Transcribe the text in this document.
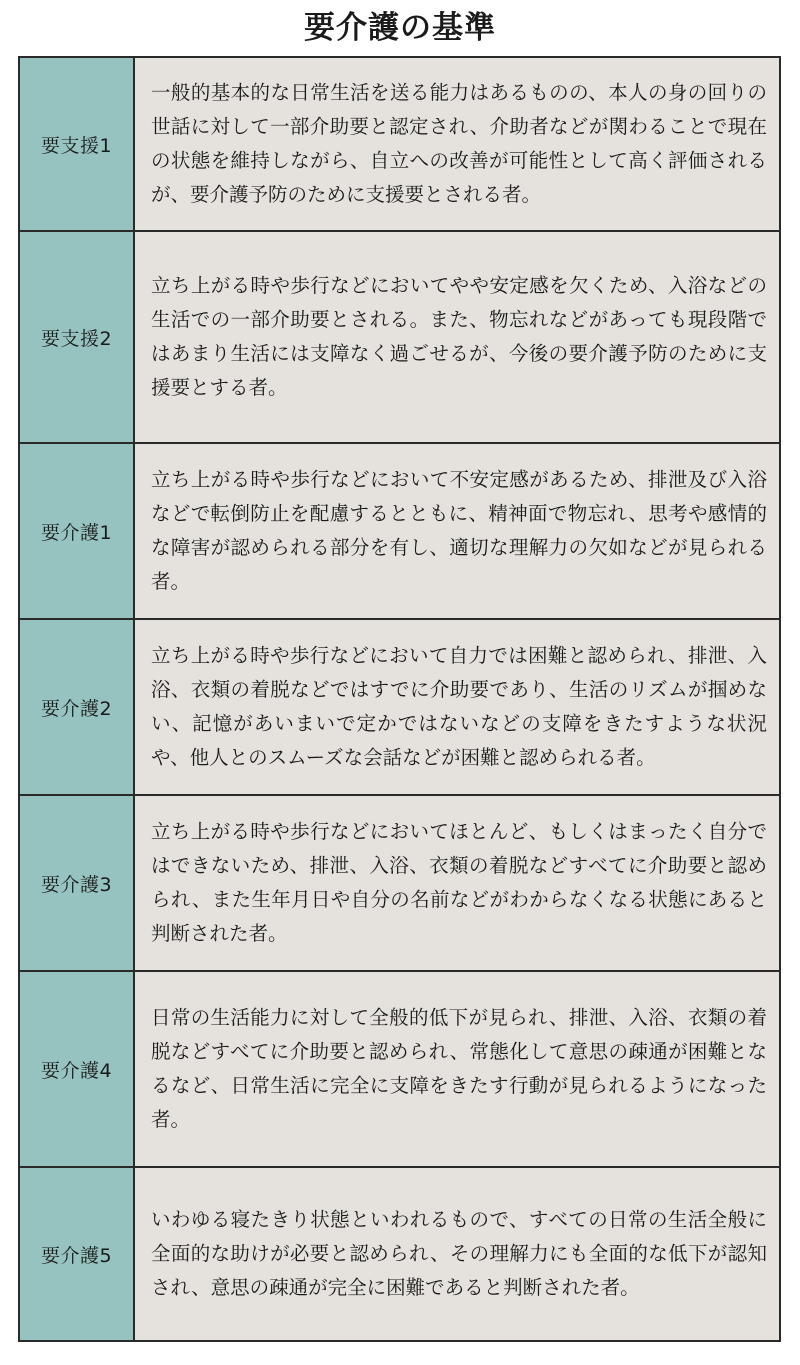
要介護の基準
要支援1	一般的基本的な日常生活を送る能力はあるものの、本人の身の回りの世話に対して一部介助要と認定され、介助者などが関わることで現在の状態を維持しながら、自立への改善が可能性として高く評価されるが、要介護予防のために支援要とされる者。
要支援2	立ち上がる時や歩行などにおいてやや安定感を欠くため、入浴などの生活での一部介助要とされる。また、物忘れなどがあっても現段階ではあまり生活には支障なく過ごせるが、今後の要介護予防のために支援要とする者。
要介護1	立ち上がる時や歩行などにおいて不安定感があるため、排泄及び入浴などで転倒防止を配慮するとともに、精神面で物忘れ、思考や感情的な障害が認められる部分を有し、適切な理解力の欠如などが見られる者。
要介護2	立ち上がる時や歩行などにおいて自力では困難と認められ、排泄、入浴、衣類の着脱などではすでに介助要であり、生活のリズムが掴めない、記憶があいまいで定かではないなどの支障をきたすような状況や、他人とのスムーズな会話などが困難と認められる者。
要介護3	立ち上がる時や歩行などにおいてほとんど、もしくはまったく自分ではできないため、排泄、入浴、衣類の着脱などすべてに介助要と認められ、また生年月日や自分の名前などがわからなくなる状態にあると判断された者。
要介護4	日常の生活能力に対して全般的低下が見られ、排泄、入浴、衣類の着脱などすべてに介助要と認められ、常態化して意思の疎通が困難となるなど、日常生活に完全に支障をきたす行動が見られるようになった者。
要介護5	いわゆる寝たきり状態といわれるもので、すべての日常の生活全般に全面的な助けが必要と認められ、その理解力にも全面的な低下が認知され、意思の疎通が完全に困難であると判断された者。
